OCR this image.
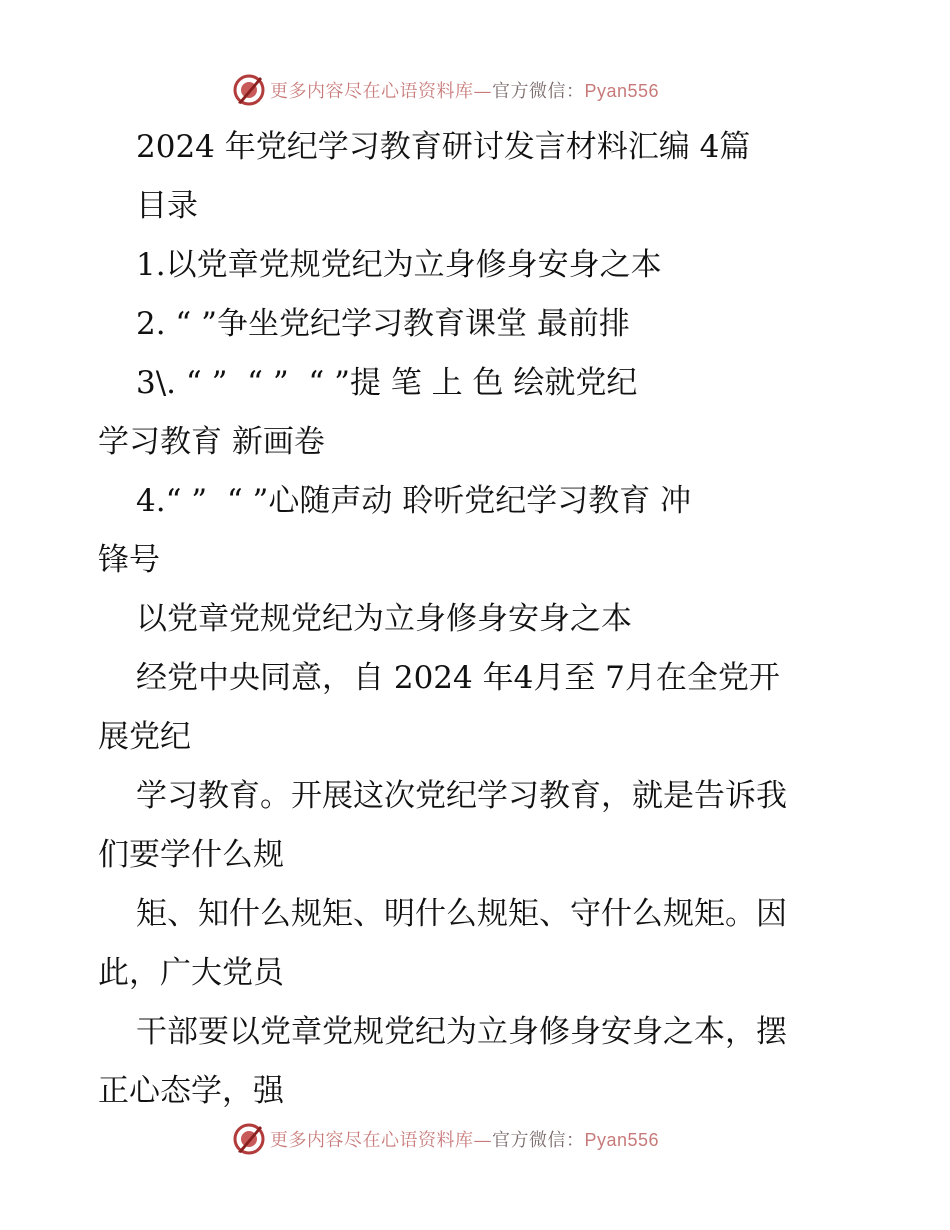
更多内容尽在心语资料库—官方微信：Pyan556

2024 年党纪学习教育研讨发言材料汇编 4篇

目录

1.以党章党规党纪为立身修身安身之本

2. “ ”争坐党纪学习教育课堂 最前排

3\. “ ”  “ ”  “ ”提 笔 上 色 绘就党纪

学习教育 新画卷

4.“ ”  “ ”心随声动 聆听党纪学习教育 冲

锋号

以党章党规党纪为立身修身安身之本

经党中央同意，自 2024 年4月至 7月在全党开

展党纪

学习教育。开展这次党纪学习教育，就是告诉我

们要学什么规

矩、知什么规矩、明什么规矩、守什么规矩。因

此，广大党员

干部要以党章党规党纪为立身修身安身之本，摆

正心态学，强

更多内容尽在心语资料库—官方微信：Pyan556
